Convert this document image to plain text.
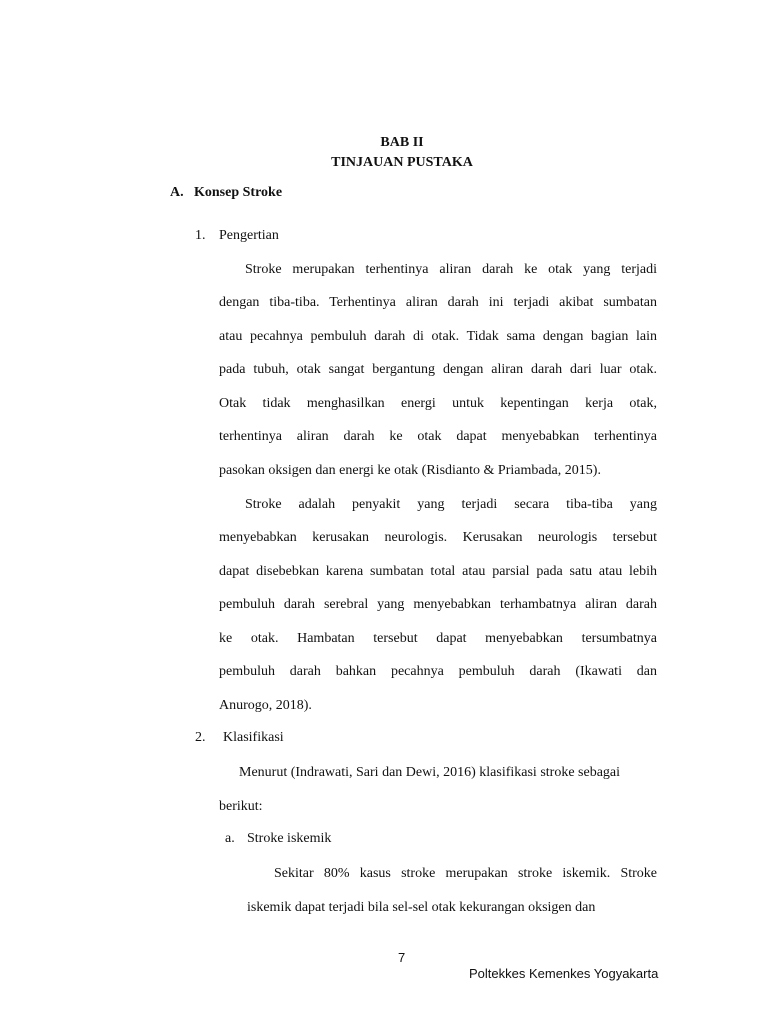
BAB II
TINJAUAN PUSTAKA
A. Konsep Stroke
1. Pengertian
Stroke merupakan terhentinya aliran darah ke otak yang terjadi
dengan tiba-tiba. Terhentinya aliran darah ini terjadi akibat sumbatan
atau pecahnya pembuluh darah di otak. Tidak sama dengan bagian lain
pada tubuh, otak sangat bergantung dengan aliran darah dari luar otak.
Otak tidak menghasilkan energi untuk kepentingan kerja otak,
terhentinya aliran darah ke otak dapat menyebabkan terhentinya
pasokan oksigen dan energi ke otak (Risdianto & Priambada, 2015).
Stroke adalah penyakit yang terjadi secara tiba-tiba yang
menyebabkan kerusakan neurologis. Kerusakan neurologis tersebut
dapat disebebkan karena sumbatan total atau parsial pada satu atau lebih
pembuluh darah serebral yang menyebabkan terhambatnya aliran darah
ke otak. Hambatan tersebut dapat menyebabkan tersumbatnya
pembuluh darah bahkan pecahnya pembuluh darah (Ikawati dan
Anurogo, 2018).
2. Klasifikasi
Menurut (Indrawati, Sari dan Dewi, 2016) klasifikasi stroke sebagai
berikut:
a. Stroke iskemik
Sekitar 80% kasus stroke merupakan stroke iskemik. Stroke
iskemik dapat terjadi bila sel-sel otak kekurangan oksigen dan
7
Poltekkes Kemenkes Yogyakarta
